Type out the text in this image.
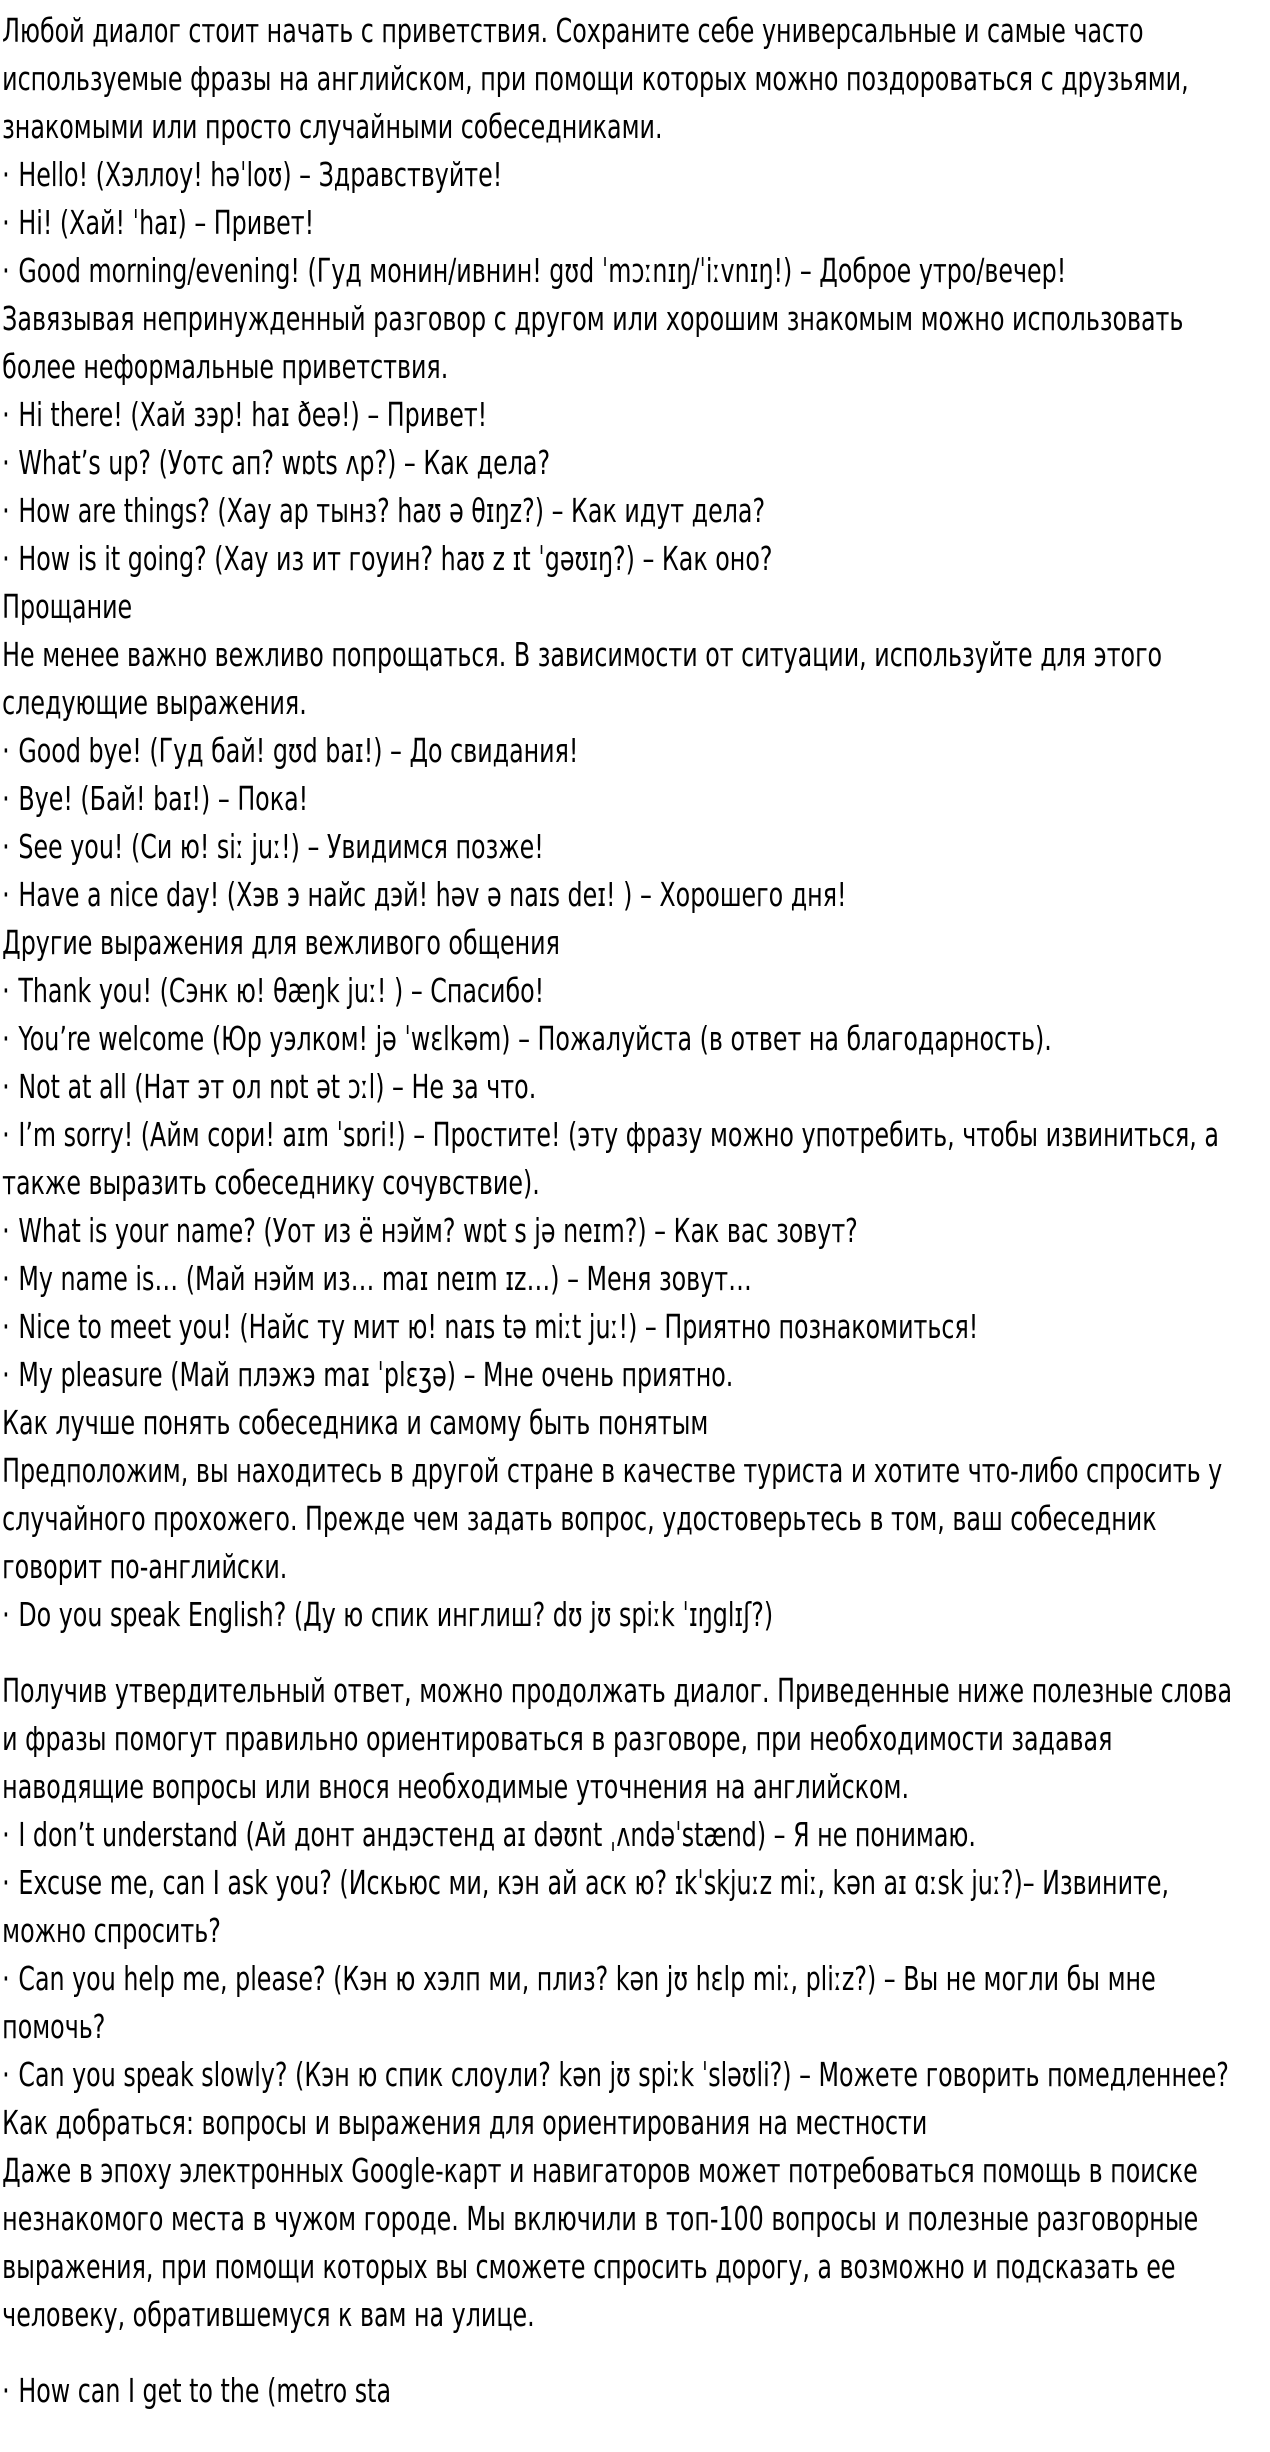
Любой диалог стоит начать с приветствия. Сохраните себе универсальные и самые часто используемые фразы на английском, при помощи которых можно поздороваться с друзьями, знакомыми или просто случайными собеседниками.

· Hello! (Хэллоу! həˈloʊ) – Здравствуйте!

· Hi! (Хай! ˈhaɪ) – Привет!

· Good morning/evening! (Гуд монин/ивнин! gʊd ˈmɔːnɪŋ/ˈiːvnɪŋ!) – Доброе утро/вечер!

Завязывая непринужденный разговор с другом или хорошим знакомым можно использовать более неформальные приветствия.

· Hi there! (Хай зэр! haɪ ðeə!) – Привет!

· What’s up? (Уотс ап? wɒts ʌp?) – Как дела?

· How are things? (Хау ар тынз? haʊ ə θɪŋz?) – Как идут дела?

· How is it going? (Хау из ит гоуин? haʊ z ɪt ˈgəʊɪŋ?) – Как оно?

Прощание

Не менее важно вежливо попрощаться. В зависимости от ситуации, используйте для этого следующие выражения.

· Good bye! (Гуд бай! gʊd baɪ!) – До свидания!

· Bye! (Бай! baɪ!) – Пока!

· See you! (Си ю! siː juː!) – Увидимся позже!

· Have a nice day! (Хэв э найс дэй! həv ə naɪs deɪ! ) – Хорошего дня!

Другие выражения для вежливого общения

· Thank you! (Сэнк ю! θæŋk juː! ) – Спасибо!

· You’re welcome (Юр уэлком! jə ˈwɛlkəm) – Пожалуйста (в ответ на благодарность).

· Not at all (Нат эт ол nɒt ət ɔːl) – Не за что.

· I’m sorry! (Айм сори! aɪm ˈsɒri!) – Простите! (эту фразу можно употребить, чтобы извиниться, а также выразить собеседнику сочувствие).

· What is your name? (Уот из ё нэйм? wɒt s jə neɪm?) – Как вас зовут?

· My name is… (Май нэйм из… maɪ neɪm ɪz…) – Меня зовут…

· Nice to meet you! (Найс ту мит ю! naɪs tə miːt juː!) – Приятно познакомиться!

· My pleasure (Май плэжэ maɪ ˈplɛʒə) – Мне очень приятно.

Как лучше понять собеседника и самому быть понятым

Предположим, вы находитесь в другой стране в качестве туриста и хотите что-либо спросить у случайного прохожего. Прежде чем задать вопрос, удостоверьтесь в том, ваш собеседник говорит по-английски.

· Do you speak English? (Ду ю спик инглиш? dʊ jʊ spiːk ˈɪŋglɪʃ?)

Получив утвердительный ответ, можно продолжать диалог. Приведенные ниже полезные слова и фразы помогут правильно ориентироваться в разговоре, при необходимости задавая наводящие вопросы или внося необходимые уточнения на английском.

· I don’t understand (Ай донт андэстенд aɪ dəʊnt ˌʌndəˈstænd) – Я не понимаю.

· Excuse me, can I ask you? (Искьюс ми, кэн ай аск ю? ɪkˈskjuːz miː, kən aɪ ɑːsk juː?)– Извините, можно спросить?

· Can you help me, please? (Кэн ю хэлп ми, плиз? kən jʊ hɛlp miː, pliːz?) – Вы не могли бы мне помочь?

· Can you speak slowly? (Кэн ю спик слоули? kən jʊ spiːk ˈsləʊli?) – Можете говорить помедленнее?

Как добраться: вопросы и выражения для ориентирования на местности

Даже в эпоху электронных Google-карт и навигаторов может потребоваться помощь в поиске незнакомого места в чужом городе. Мы включили в топ-100 вопросы и полезные разговорные выражения, при помощи которых вы сможете спросить дорогу, а возможно и подсказать ее человеку, обратившемуся к вам на улице.

· How can I get to the (metro sta
